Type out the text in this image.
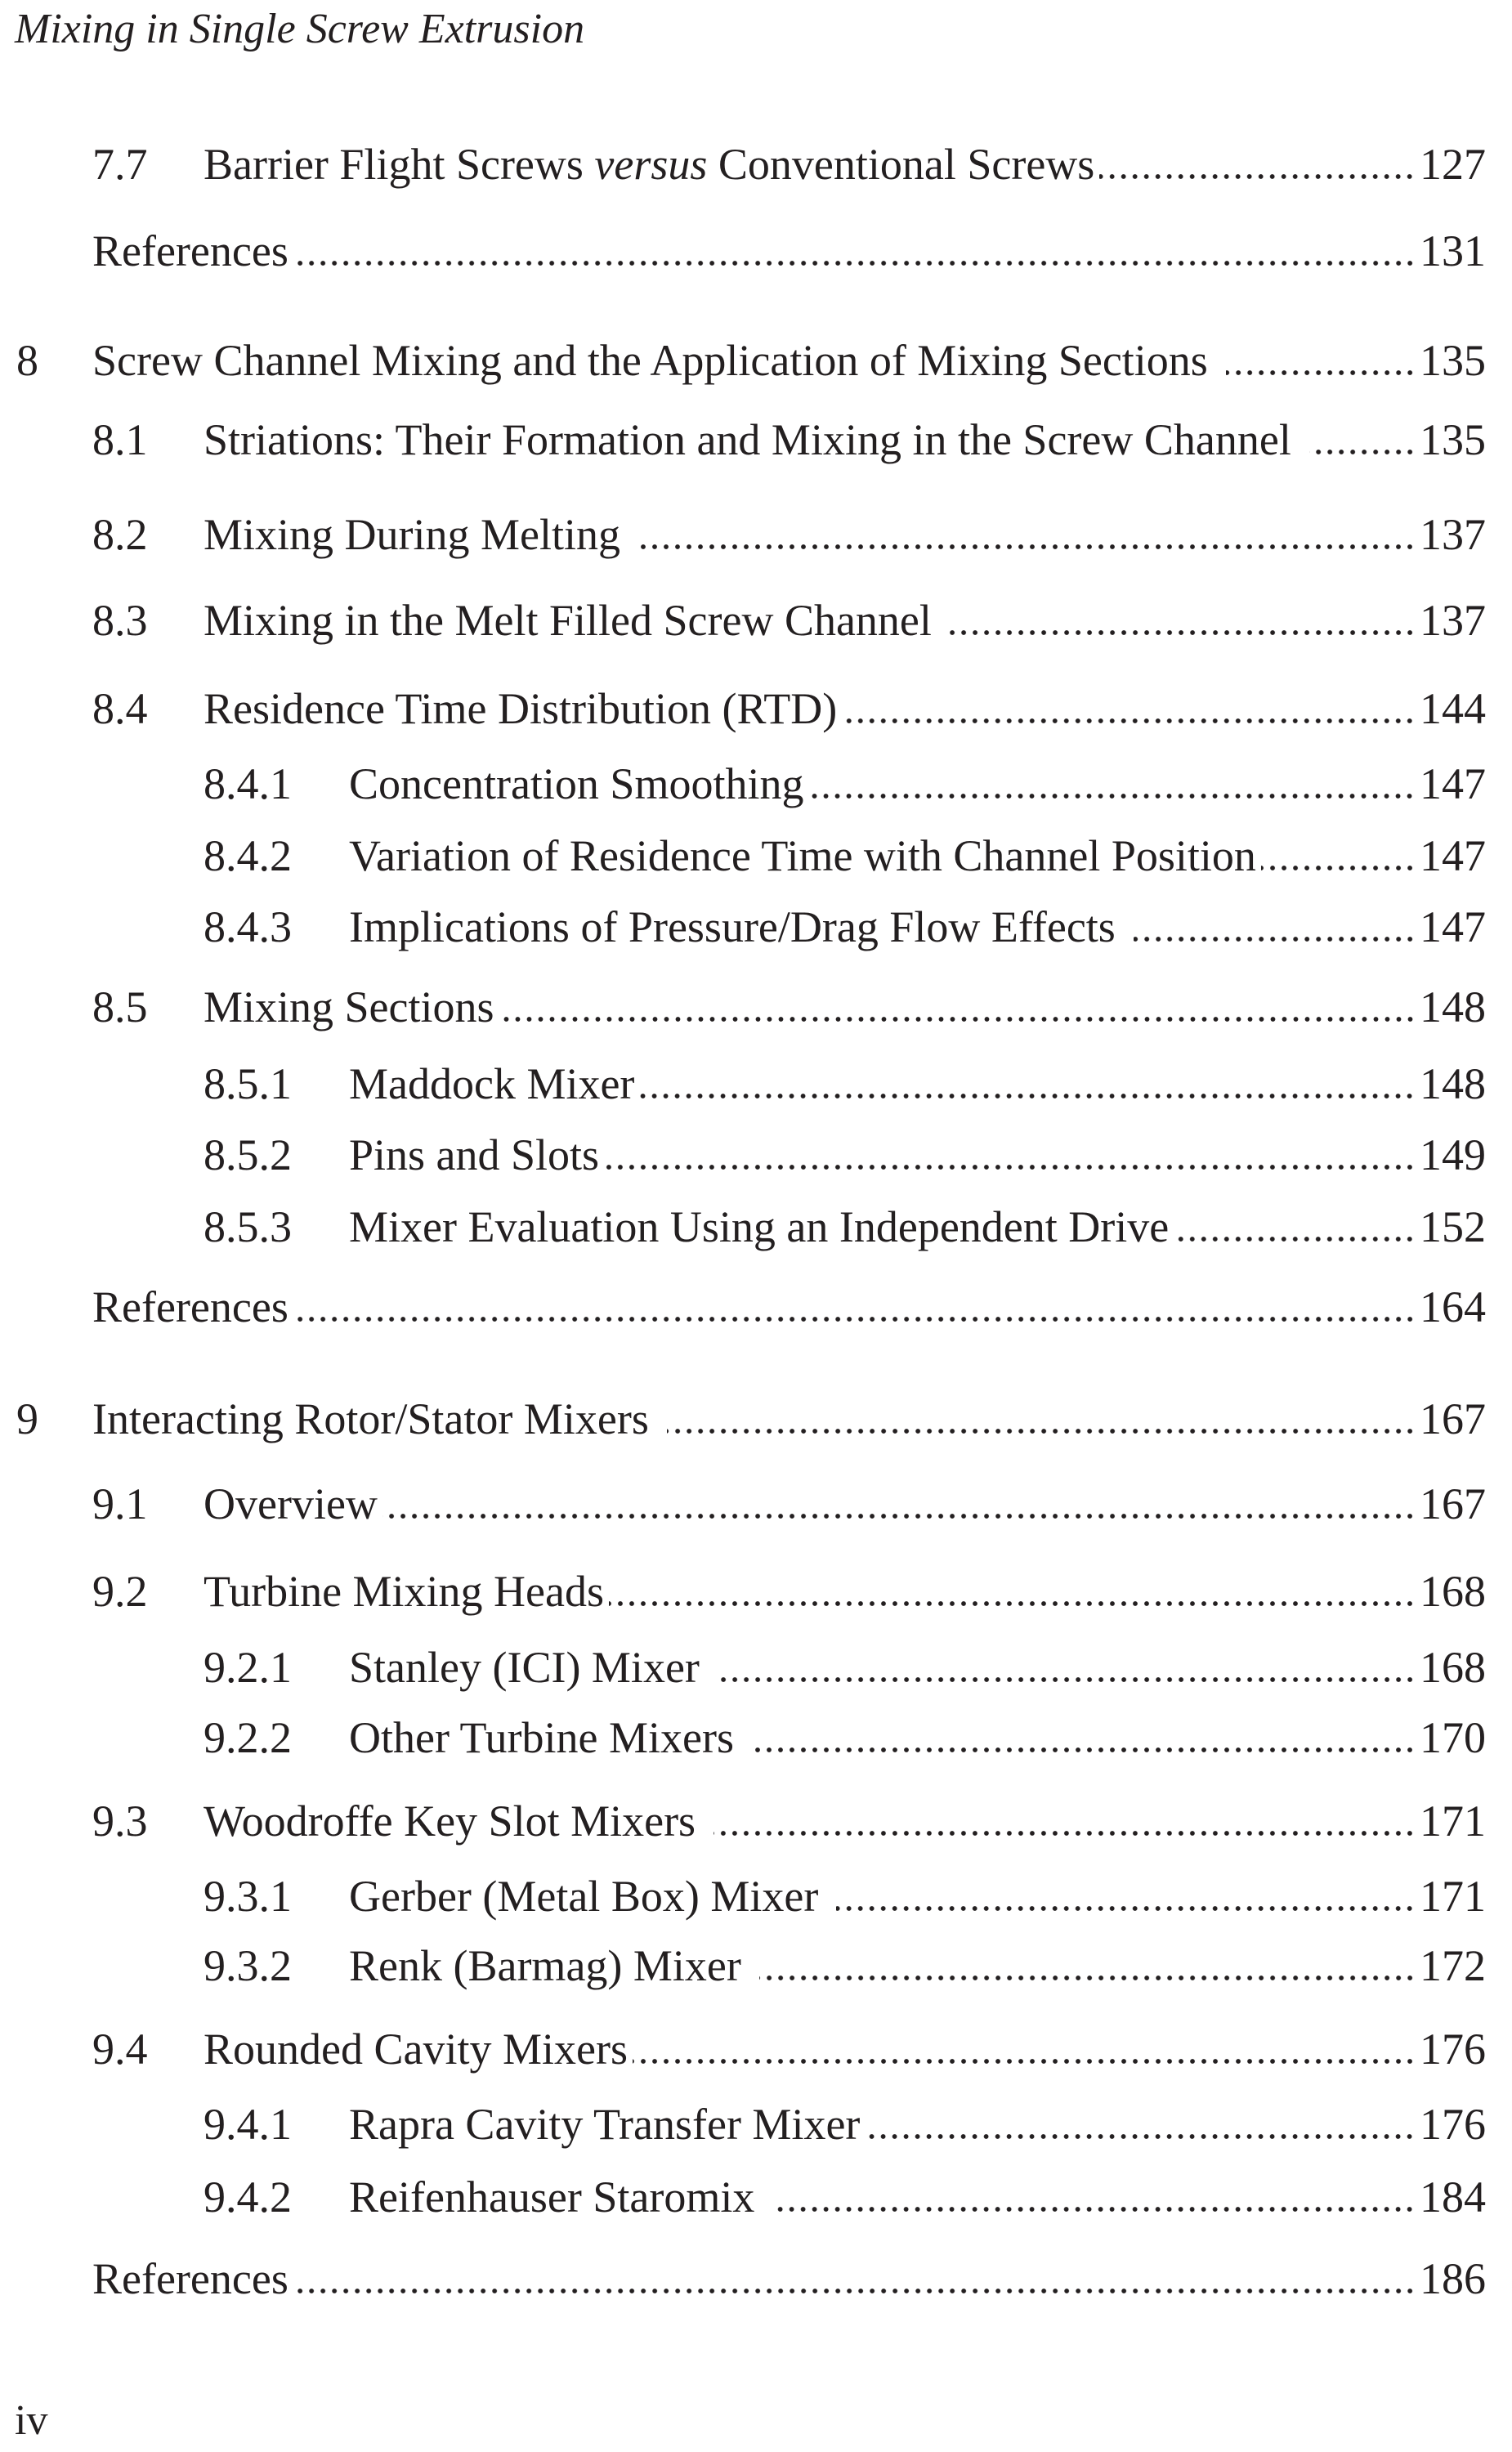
Mixing in Single Screw Extrusion
7.7	Barrier Flight Screws versus Conventional Screws	127
References	131
8	Screw Channel Mixing and the Application of Mixing Sections	135
8.1	Striations: Their Formation and Mixing in the Screw Channel	135
8.2	Mixing During Melting	137
8.3	Mixing in the Melt Filled Screw Channel	137
8.4	Residence Time Distribution (RTD)	144
8.4.1	Concentration Smoothing	147
8.4.2	Variation of Residence Time with Channel Position	147
8.4.3	Implications of Pressure/Drag Flow Effects	147
8.5	Mixing Sections	148
8.5.1	Maddock Mixer	148
8.5.2	Pins and Slots	149
8.5.3	Mixer Evaluation Using an Independent Drive	152
References	164
9	Interacting Rotor/Stator Mixers	167
9.1	Overview	167
9.2	Turbine Mixing Heads	168
9.2.1	Stanley (ICI) Mixer	168
9.2.2	Other Turbine Mixers	170
9.3	Woodroffe Key Slot Mixers	171
9.3.1	Gerber (Metal Box) Mixer	171
9.3.2	Renk (Barmag) Mixer	172
9.4	Rounded Cavity Mixers	176
9.4.1	Rapra Cavity Transfer Mixer	176
9.4.2	Reifenhauser Staromix	184
References	186
iv
